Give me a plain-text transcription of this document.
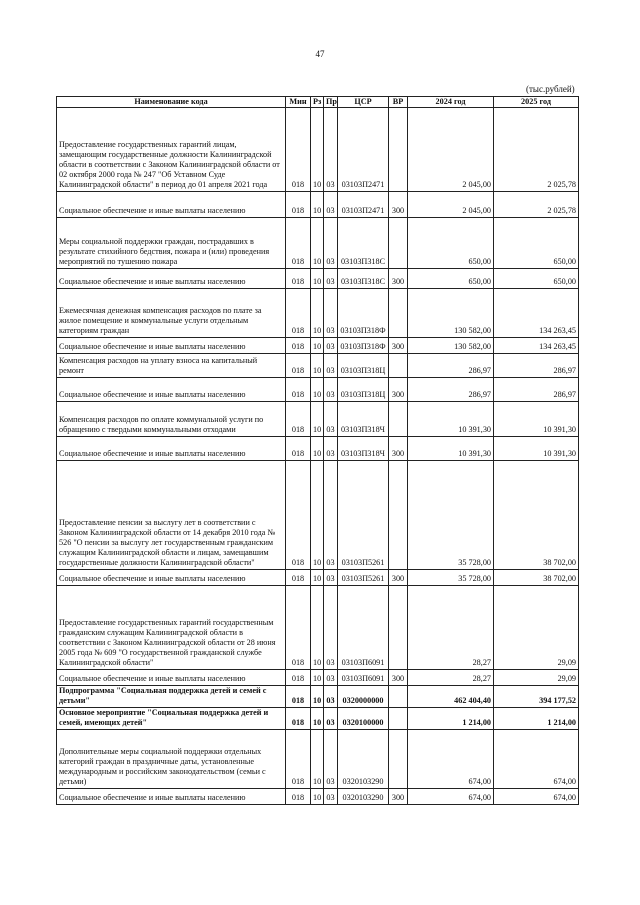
47
(тыс.рублей)
Наименование кода	Мин	Рз	Пр	ЦСР	ВР	2024 год	2025 год
Предоставление государственных гарантий лицам, замещающим государственные должности Калининградской области в соответствии с Законом Калининградской области от 02 октября 2000 года № 247 "Об Уставном Суде Калининградской области" в период до 01 апреля 2021 года	018	10	03	03103П2471		2 045,00	2 025,78
Социальное обеспечение и иные выплаты населению	018	10	03	03103П2471	300	2 045,00	2 025,78
Меры социальной поддержки граждан, пострадавших в результате стихийного бедствия, пожара и (или) проведения мероприятий по тушению пожара	018	10	03	03103П318С		650,00	650,00
Социальное обеспечение и иные выплаты населению	018	10	03	03103П318С	300	650,00	650,00
Ежемесячная денежная компенсация расходов по плате за жилое помещение и коммунальные услуги отдельным категориям граждан	018	10	03	03103П318Ф		130 582,00	134 263,45
Социальное обеспечение и иные выплаты населению	018	10	03	03103П318Ф	300	130 582,00	134 263,45
Компенсация расходов на уплату взноса на капитальный ремонт	018	10	03	03103П318Ц		286,97	286,97
Социальное обеспечение и иные выплаты населению	018	10	03	03103П318Ц	300	286,97	286,97
Компенсация расходов по оплате коммунальной услуги по обращению с твердыми коммунальными отходами	018	10	03	03103П318Ч		10 391,30	10 391,30
Социальное обеспечение и иные выплаты населению	018	10	03	03103П318Ч	300	10 391,30	10 391,30
Предоставление пенсии за выслугу лет в соответствии с Законом Калининградской области от 14 декабря 2010 года № 526 "О пенсии за выслугу лет государственным гражданским служащим Калининградской области и лицам, замещавшим государственные должности Калининградской области"	018	10	03	03103П5261		35 728,00	38 702,00
Социальное обеспечение и иные выплаты населению	018	10	03	03103П5261	300	35 728,00	38 702,00
Предоставление государственных гарантий государственным гражданским служащим Калининградской области в соответствии с Законом Калининградской области от 28 июня 2005 года № 609 "О государственной гражданской службе Калининградской области"	018	10	03	03103П6091		28,27	29,09
Социальное обеспечение и иные выплаты населению	018	10	03	03103П6091	300	28,27	29,09
Подпрограмма "Социальная поддержка детей и семей с детьми"	018	10	03	0320000000		462 404,40	394 177,52
Основное мероприятие "Социальная поддержка детей и семей, имеющих детей"	018	10	03	0320100000		1 214,00	1 214,00
Дополнительные меры социальной поддержки отдельных категорий граждан в праздничные даты, установленные международным и российским законодательством (семьи с детьми)	018	10	03	0320103290		674,00	674,00
Социальное обеспечение и иные выплаты населению	018	10	03	0320103290	300	674,00	674,00
